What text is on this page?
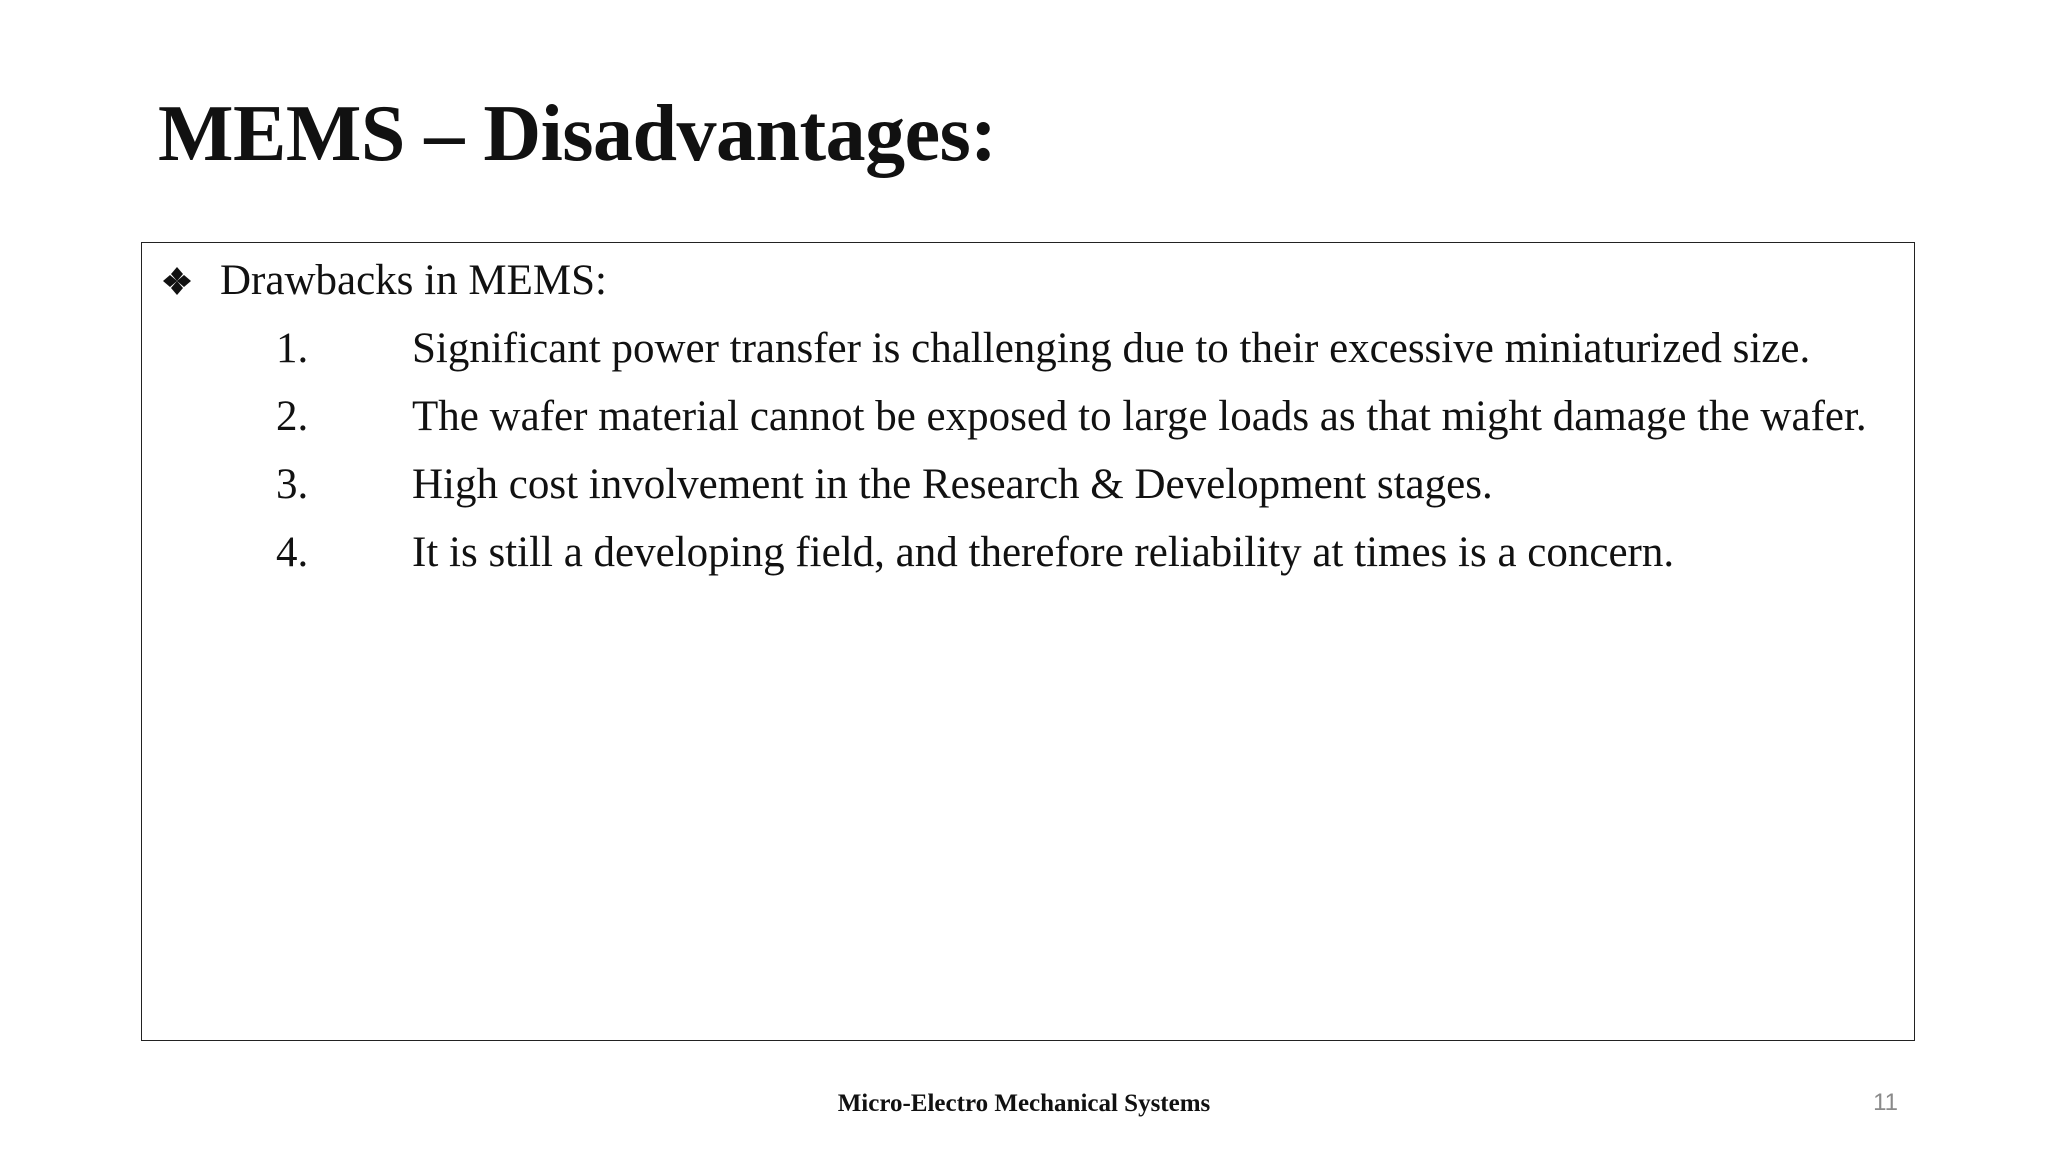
MEMS – Disadvantages:
Drawbacks in MEMS:
1.	Significant power transfer is challenging due to their excessive miniaturized size.
2.	The wafer material cannot be exposed to large loads as that might damage the wafer.
3.	High cost involvement in the Research & Development stages.
4.	It is still a developing field, and therefore reliability at times is a concern.
Micro-Electro Mechanical Systems	11
